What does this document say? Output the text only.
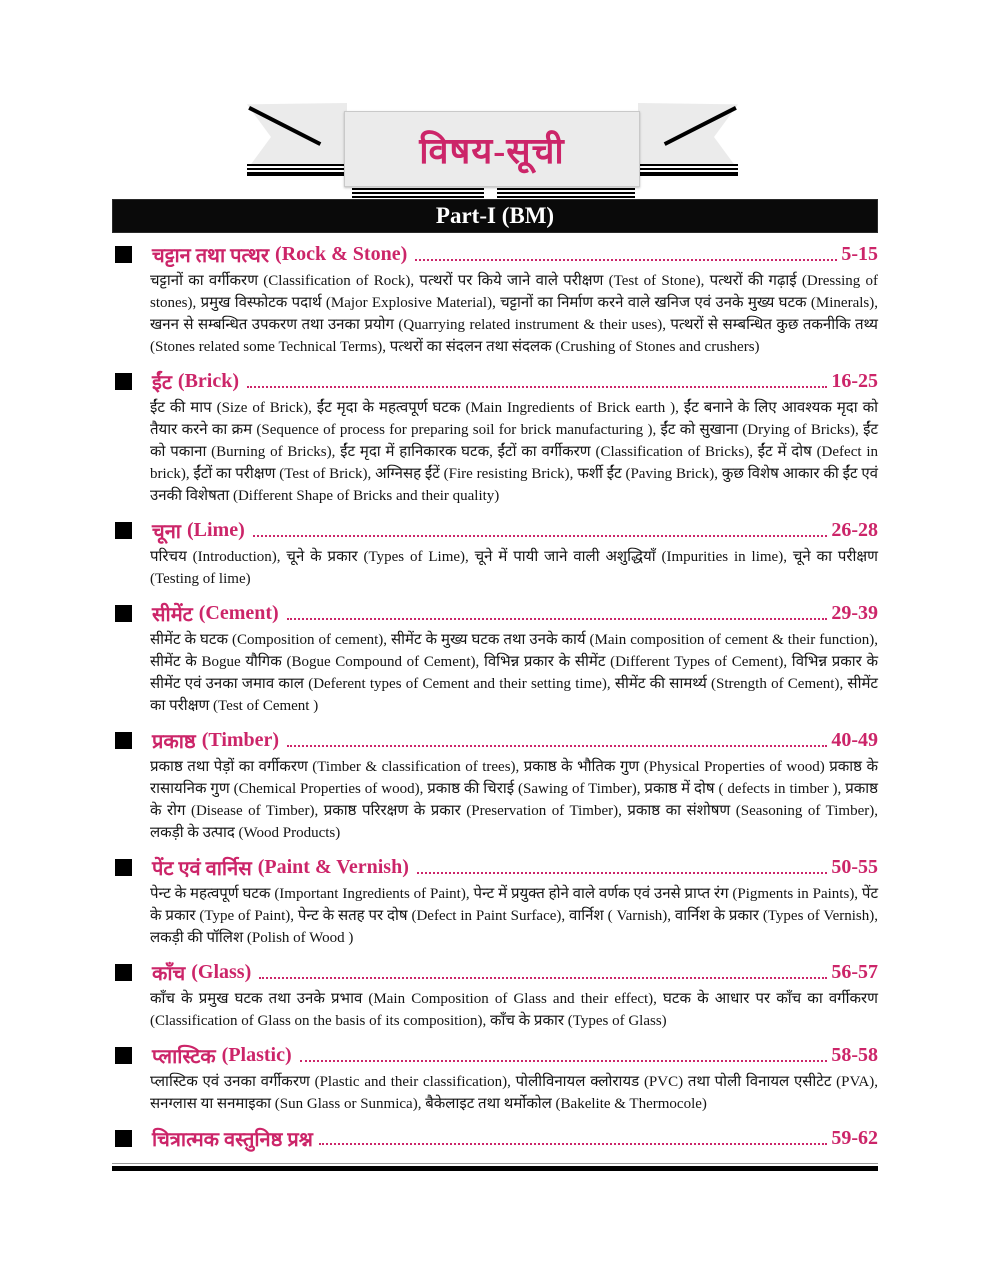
विषय-सूची
Part-I (BM)
चट्टान तथा पत्थर (Rock & Stone)	5-15
चट्टानों का वर्गीकरण (Classification of Rock), पत्थरों पर किये जाने वाले परीक्षण (Test of Stone), पत्थरों की गढ़ाई (Dressing of stones), प्रमुख विस्फोटक पदार्थ (Major Explosive Material), चट्टानों का निर्माण करने वाले खनिज एवं उनके मुख्य घटक (Minerals), खनन से सम्बन्धित उपकरण तथा उनका प्रयोग (Quarrying related instrument & their uses), पत्थरों से सम्बन्धित कुछ तकनीकि तथ्य (Stones related some Technical Terms), पत्थरों का संदलन तथा संदलक (Crushing of Stones and crushers)
ईंट (Brick)	16-25
ईंट की माप (Size of Brick), ईंट मृदा के महत्वपूर्ण घटक (Main Ingredients of Brick earth ), ईंट बनाने के लिए आवश्यक मृदा को तैयार करने का क्रम (Sequence of process for preparing soil for brick manufacturing ), ईंट को सुखाना (Drying of Bricks), ईंट को पकाना (Burning of Bricks), ईंट मृदा में हानिकारक घटक, ईंटों का वर्गीकरण (Classification of Bricks), ईंट में दोष (Defect in brick), ईंटों का परीक्षण (Test of Brick), अग्निसह ईंटें (Fire resisting Brick), फर्शी ईंट (Paving Brick), कुछ विशेष आकार की ईंट एवं उनकी विशेषता (Different Shape of Bricks and their quality)
चूना (Lime)	26-28
परिचय (Introduction), चूने के प्रकार (Types of Lime), चूने में पायी जाने वाली अशुद्धियाँ (Impurities in lime), चूने का परीक्षण (Testing of lime)
सीमेंट (Cement)	29-39
सीमेंट के घटक (Composition of cement), सीमेंट के मुख्य घटक तथा उनके कार्य (Main composition of cement & their function), सीमेंट के Bogue यौगिक (Bogue Compound of Cement), विभिन्न प्रकार के सीमेंट (Different Types of Cement), विभिन्न प्रकार के सीमेंट एवं उनका जमाव काल (Deferent types of Cement and their setting time), सीमेंट की सामर्थ्य (Strength of Cement), सीमेंट का परीक्षण (Test of Cement )
प्रकाष्ठ (Timber)	40-49
प्रकाष्ठ तथा पेड़ों का वर्गीकरण (Timber & classification of trees), प्रकाष्ठ के भौतिक गुण (Physical Properties of wood) प्रकाष्ठ के रासायनिक गुण (Chemical Properties of wood), प्रकाष्ठ की चिराई (Sawing of Timber), प्रकाष्ठ में दोष ( defects in timber ), प्रकाष्ठ के रोग (Disease of Timber), प्रकाष्ठ परिरक्षण के प्रकार (Preservation of Timber), प्रकाष्ठ का संशोषण (Seasoning of Timber), लकड़ी के उत्पाद (Wood Products)
पेंट एवं वार्निस (Paint & Vernish)	50-55
पेन्ट के महत्वपूर्ण घटक (Important Ingredients of Paint), पेन्ट में प्रयुक्त होने वाले वर्णक एवं उनसे प्राप्त रंग (Pigments in Paints), पेंट के प्रकार (Type of Paint), पेन्ट के सतह पर दोष (Defect in Paint Surface), वार्निश ( Varnish), वार्निश के प्रकार (Types of Vernish), लकड़ी की पॉलिश (Polish of Wood )
काँच (Glass)	56-57
काँच के प्रमुख घटक तथा उनके प्रभाव (Main Composition of Glass and their effect), घटक के आधार पर काँच का वर्गीकरण (Classification of Glass on the basis of its composition), काँच के प्रकार (Types of Glass)
प्लास्टिक (Plastic)	58-58
प्लास्टिक एवं उनका वर्गीकरण (Plastic and their classification), पोलीविनायल क्लोरायड (PVC) तथा पोली विनायल एसीटेट (PVA), सनग्लास या सनमाइका (Sun Glass or Sunmica), बैकेलाइट तथा थर्मोकोल (Bakelite & Thermocole)
चित्रात्मक वस्तुनिष्ठ प्रश्न	59-62
